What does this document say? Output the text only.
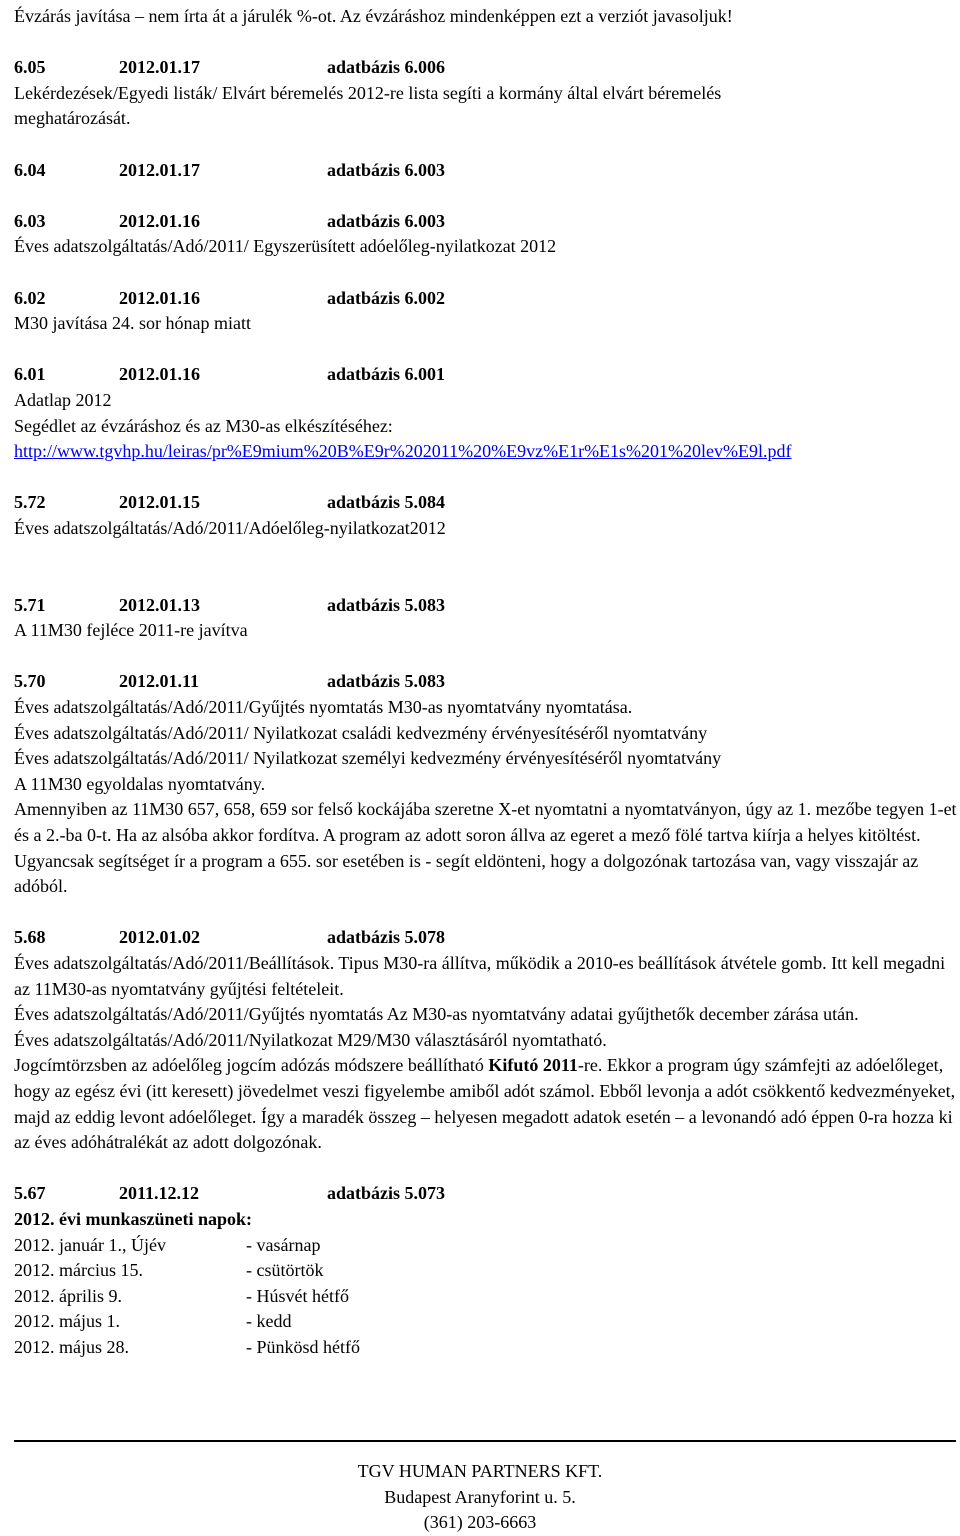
Évzárás javítása – nem írta át a járulék %-ot. Az évzáráshoz mindenképpen ezt a verziót javasoljuk!
6.05	2012.01.17	adatbázis 6.006
Lekérdezések/Egyedi listák/ Elvárt béremelés 2012-re lista segíti a kormány által elvárt béremelés
meghatározását.
6.04	2012.01.17	adatbázis 6.003
6.03	2012.01.16	adatbázis 6.003
Éves adatszolgáltatás/Adó/2011/ Egyszerüsített adóelőleg-nyilatkozat 2012
6.02	2012.01.16	adatbázis 6.002
M30 javítása 24. sor hónap miatt
6.01	2012.01.16	adatbázis 6.001
Adatlap 2012
Segédlet az évzáráshoz és az M30-as elkészítéséhez:
http://www.tgvhp.hu/leiras/pr%E9mium%20B%E9r%202011%20%E9vz%E1r%E1s%201%20lev%E9l.pdf
5.72	2012.01.15	adatbázis 5.084
Éves adatszolgáltatás/Adó/2011/Adóelőleg-nyilatkozat2012
5.71	2012.01.13	adatbázis 5.083
A 11M30 fejléce 2011-re javítva
5.70	2012.01.11	adatbázis 5.083
Éves adatszolgáltatás/Adó/2011/Gyűjtés nyomtatás M30-as nyomtatvány nyomtatása.
Éves adatszolgáltatás/Adó/2011/ Nyilatkozat családi kedvezmény érvényesítéséről nyomtatvány
Éves adatszolgáltatás/Adó/2011/ Nyilatkozat személyi kedvezmény érvényesítéséről nyomtatvány
A 11M30 egyoldalas nyomtatvány.
Amennyiben az 11M30 657, 658, 659 sor felső kockájába szeretne X-et nyomtatni a nyomtatványon, úgy az 1. mezőbe tegyen 1-et és a 2.-ba 0-t. Ha az alsóba akkor fordítva. A program az adott soron állva az egeret a mező fölé tartva kiírja a helyes kitöltést.
Ugyancsak segítséget ír a program a 655. sor esetében is - segít eldönteni, hogy a dolgozónak tartozása van, vagy visszajár az adóból.
5.68	2012.01.02	adatbázis 5.078
Éves adatszolgáltatás/Adó/2011/Beállítások. Tipus M30-ra állítva, működik a 2010-es beállítások átvétele gomb. Itt kell megadni az 11M30-as nyomtatvány gyűjtési feltételeit.
Éves adatszolgáltatás/Adó/2011/Gyűjtés nyomtatás Az M30-as nyomtatvány adatai gyűjthetők december zárása után.
Éves adatszolgáltatás/Adó/2011/Nyilatkozat M29/M30 választásáról nyomtatható.
Jogcímtörzsben az adóelőleg jogcím adózás módszere beállítható Kifutó 2011-re. Ekkor a program úgy számfejti az adóelőleget, hogy az egész évi (itt keresett) jövedelmet veszi figyelembe amiből adót számol. Ebből levonja a adót csökkentő kedvezményeket, majd az eddig levont adóelőleget. Így a maradék összeg – helyesen megadott adatok esetén – a levonandó adó éppen 0-ra hozza ki az éves adóhátralékát az adott dolgozónak.
5.67	2011.12.12	adatbázis 5.073
2012. évi munkaszüneti napok:
2012. január 1., Újév	- vasárnap
2012. március 15.	- csütörtök
2012. április 9.	- Húsvét hétfő
2012. május 1.	- kedd
2012. május 28.	- Pünkösd hétfő
TGV HUMAN PARTNERS KFT.
Budapest Aranyforint u. 5.
(361) 203-6663
